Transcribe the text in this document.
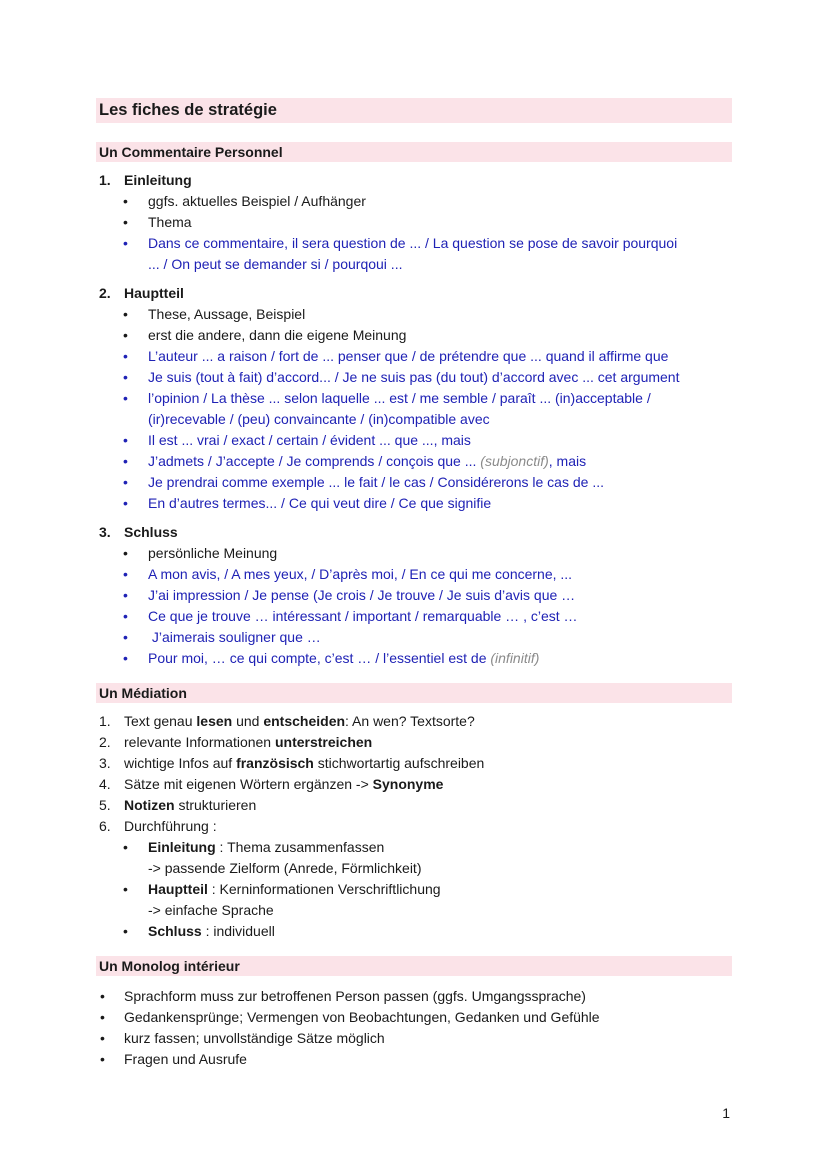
Les fiches de stratégie
Un Commentaire Personnel
1. Einleitung
• ggfs. aktuelles Beispiel / Aufhänger
• Thema
• Dans ce commentaire, il sera question de ... / La question se pose de savoir pourquoi
... / On peut se demander si / pourqoui ...
2. Hauptteil
• These, Aussage, Beispiel
• erst die andere, dann die eigene Meinung
• L’auteur ... a raison / fort de ... penser que / de prétendre que ... quand il affirme que
• Je suis (tout à fait) d’accord... / Je ne suis pas (du tout) d’accord avec ... cet argument
• l’opinion / La thèse ... selon laquelle ... est / me semble / paraît ... (in)acceptable /
(ir)recevable / (peu) convaincante / (in)compatible avec
• Il est ... vrai / exact / certain / évident ... que ..., mais
• J’admets / J’accepte / Je comprends / conçois que ... (subjonctif), mais
• Je prendrai comme exemple ... le fait / le cas / Considérerons le cas de ...
• En d’autres termes... / Ce qui veut dire / Ce que signifie
3. Schluss
• persönliche Meinung
• A mon avis, / A mes yeux, / D’après moi, / En ce qui me concerne, ...
• J’ai impression / Je pense (Je crois / Je trouve / Je suis d’avis que …
• Ce que je trouve … intéressant / important / remarquable … , c’est …
• J’aimerais souligner que …
• Pour moi, … ce qui compte, c’est … / l’essentiel est de (infinitif)
Un Médiation
1. Text genau lesen und entscheiden: An wen? Textsorte?
2. relevante Informationen unterstreichen
3. wichtige Infos auf französisch stichwortartig aufschreiben
4. Sätze mit eigenen Wörtern ergänzen -> Synonyme
5. Notizen strukturieren
6. Durchführung :
• Einleitung : Thema zusammenfassen
-> passende Zielform (Anrede, Förmlichkeit)
• Hauptteil : Kerninformationen Verschriftlichung
-> einfache Sprache
• Schluss : individuell
Un Monolog intérieur
• Sprachform muss zur betroffenen Person passen (ggfs. Umgangssprache)
• Gedankensprünge; Vermengen von Beobachtungen, Gedanken und Gefühle
• kurz fassen; unvollständige Sätze möglich
• Fragen und Ausrufe
1
